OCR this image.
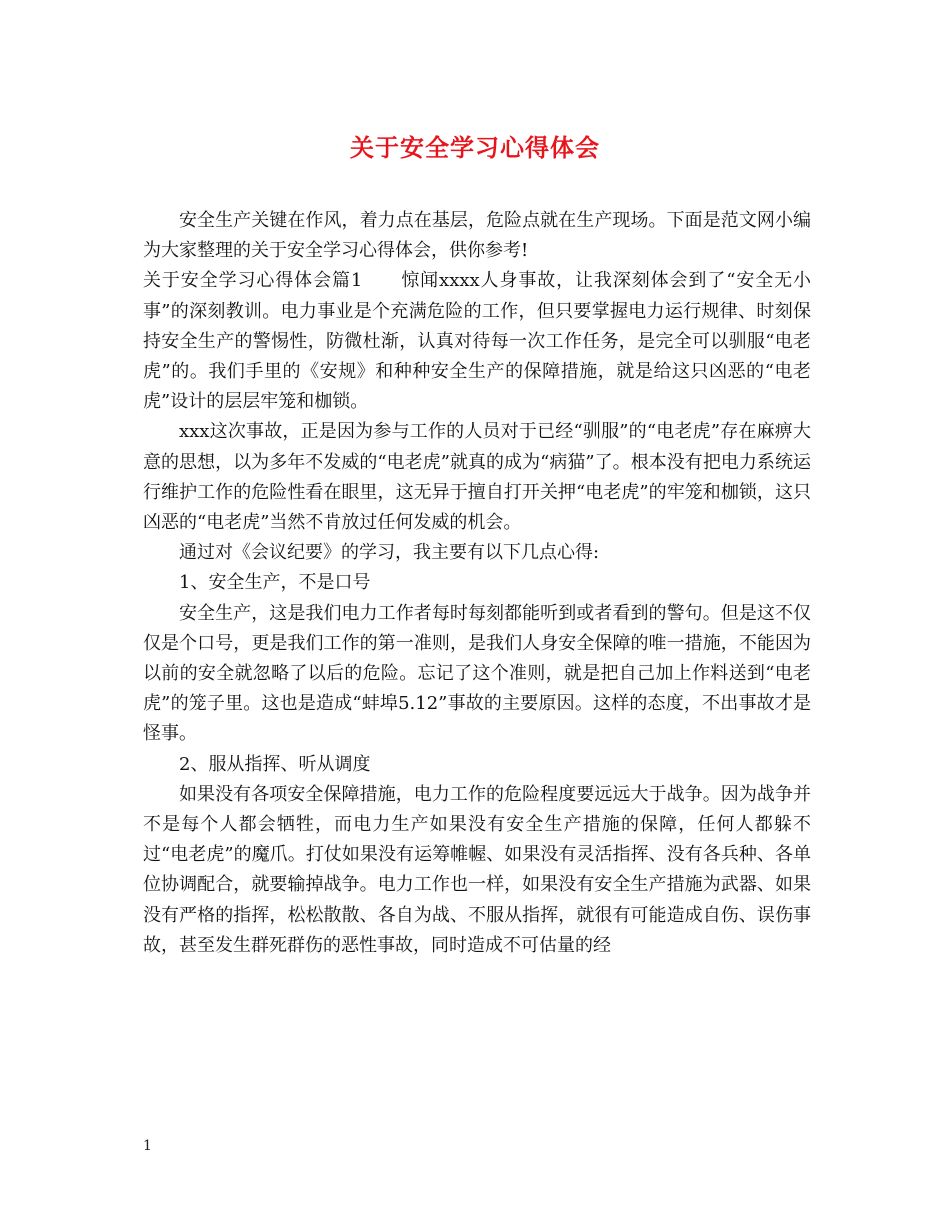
关于安全学习心得体会

安全生产关键在作风，着力点在基层，危险点就在生产现场。下面是范文网小编为大家整理的关于安全学习心得体会，供你参考!

关于安全学习心得体会篇1 惊闻xxxx人身事故，让我深刻体会到了“安全无小事”的深刻教训。电力事业是个充满危险的工作，但只要掌握电力运行规律、时刻保持安全生产的警惕性，防微杜渐，认真对待每一次工作任务，是完全可以驯服“电老虎”的。我们手里的《安规》和种种安全生产的保障措施，就是给这只凶恶的“电老虎”设计的层层牢笼和枷锁。

xxx这次事故，正是因为参与工作的人员对于已经“驯服”的“电老虎”存在麻痹大意的思想，以为多年不发威的“电老虎”就真的成为“病猫”了。根本没有把电力系统运行维护工作的危险性看在眼里，这无异于擅自打开关押“电老虎”的牢笼和枷锁，这只凶恶的“电老虎”当然不肯放过任何发威的机会。

通过对《会议纪要》的学习，我主要有以下几点心得:

1、安全生产，不是口号

安全生产，这是我们电力工作者每时每刻都能听到或者看到的警句。但是这不仅仅是个口号，更是我们工作的第一准则，是我们人身安全保障的唯一措施，不能因为以前的安全就忽略了以后的危险。忘记了这个准则，就是把自己加上作料送到“电老虎”的笼子里。这也是造成“蚌埠5.12”事故的主要原因。这样的态度，不出事故才是怪事。

2、服从指挥、听从调度

如果没有各项安全保障措施，电力工作的危险程度要远远大于战争。因为战争并不是每个人都会牺牲，而电力生产如果没有安全生产措施的保障，任何人都躲不过“电老虎”的魔爪。打仗如果没有运筹帷幄、如果没有灵活指挥、没有各兵种、各单位协调配合，就要输掉战争。电力工作也一样，如果没有安全生产措施为武器、如果没有严格的指挥，松松散散、各自为战、不服从指挥，就很有可能造成自伤、误伤事故，甚至发生群死群伤的恶性事故，同时造成不可估量的经

1
